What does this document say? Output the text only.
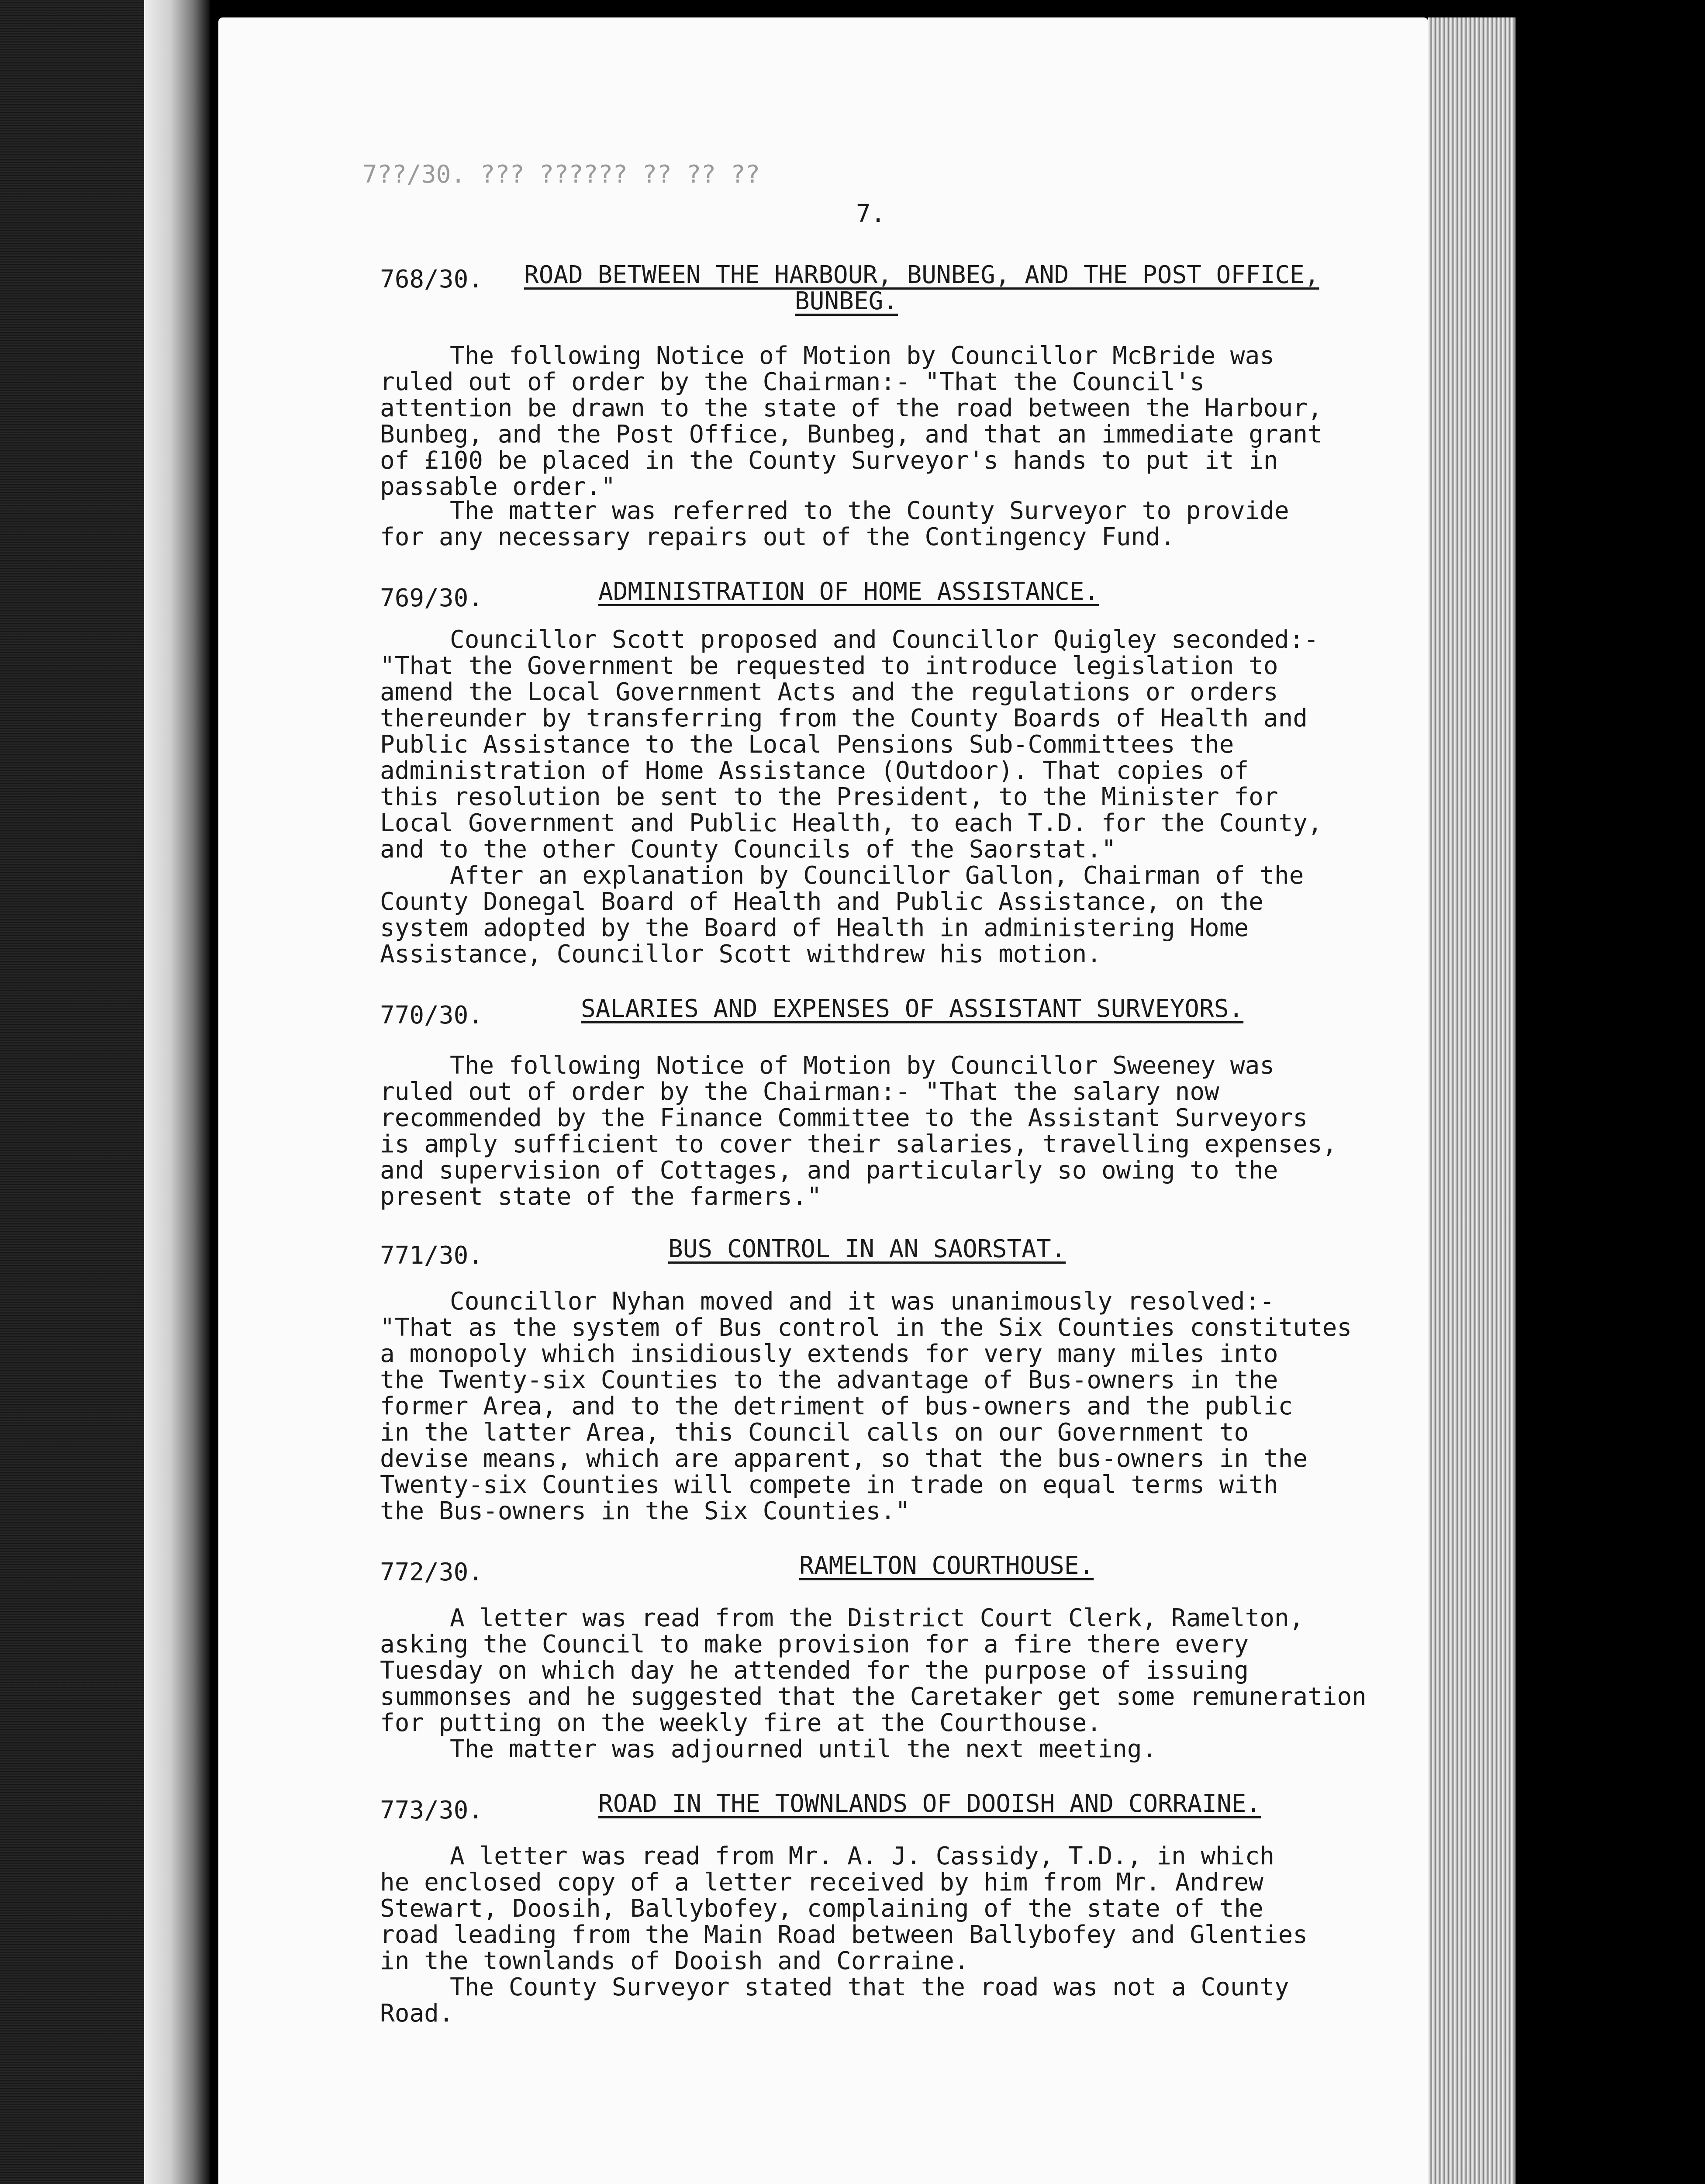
7??/30. ??? ?????? ?? ?? ??
7.
768/30. ROAD BETWEEN THE HARBOUR, BUNBEG, AND THE POST OFFICE,
BUNBEG.
The following Notice of Motion by Councillor McBride was
ruled out of order by the Chairman:- "That the Council's
attention be drawn to the state of the road between the Harbour,
Bunbeg, and the Post Office, Bunbeg, and that an immediate grant
of £100 be placed in the County Surveyor's hands to put it in
passable order."
The matter was referred to the County Surveyor to provide
for any necessary repairs out of the Contingency Fund.
769/30.	ADMINISTRATION OF HOME ASSISTANCE.
Councillor Scott proposed and Councillor Quigley seconded:-
"That the Government be requested to introduce legislation to
amend the Local Government Acts and the regulations or orders
thereunder by transferring from the County Boards of Health and
Public Assistance to the Local Pensions Sub-Committees the
administration of Home Assistance (Outdoor). That copies of
this resolution be sent to the President, to the Minister for
Local Government and Public Health, to each T.D. for the County,
and to the other County Councils of the Saorstat."
After an explanation by Councillor Gallon, Chairman of the
County Donegal Board of Health and Public Assistance, on the
system adopted by the Board of Health in administering Home
Assistance, Councillor Scott withdrew his motion.
770/30.	SALARIES AND EXPENSES OF ASSISTANT SURVEYORS.
The following Notice of Motion by Councillor Sweeney was
ruled out of order by the Chairman:- "That the salary now
recommended by the Finance Committee to the Assistant Surveyors
is amply sufficient to cover their salaries, travelling expenses,
and supervision of Cottages, and particularly so owing to the
present state of the farmers."
771/30.	BUS CONTROL IN AN SAORSTAT.
Councillor Nyhan moved and it was unanimously resolved:-
"That as the system of Bus control in the Six Counties constitutes
a monopoly which insidiously extends for very many miles into
the Twenty-six Counties to the advantage of Bus-owners in the
former Area, and to the detriment of bus-owners and the public
in the latter Area, this Council calls on our Government to
devise means, which are apparent, so that the bus-owners in the
Twenty-six Counties will compete in trade on equal terms with
the Bus-owners in the Six Counties."
772/30.	RAMELTON COURTHOUSE.
A letter was read from the District Court Clerk, Ramelton,
asking the Council to make provision for a fire there every
Tuesday on which day he attended for the purpose of issuing
summonses and he suggested that the Caretaker get some remuneration
for putting on the weekly fire at the Courthouse.
The matter was adjourned until the next meeting.
773/30.	ROAD IN THE TOWNLANDS OF DOOISH AND CORRAINE.
A letter was read from Mr. A. J. Cassidy, T.D., in which
he enclosed copy of a letter received by him from Mr. Andrew
Stewart, Doosih, Ballybofey, complaining of the state of the
road leading from the Main Road between Ballybofey and Glenties
in the townlands of Dooish and Corraine.
The County Surveyor stated that the road was not a County
Road.
